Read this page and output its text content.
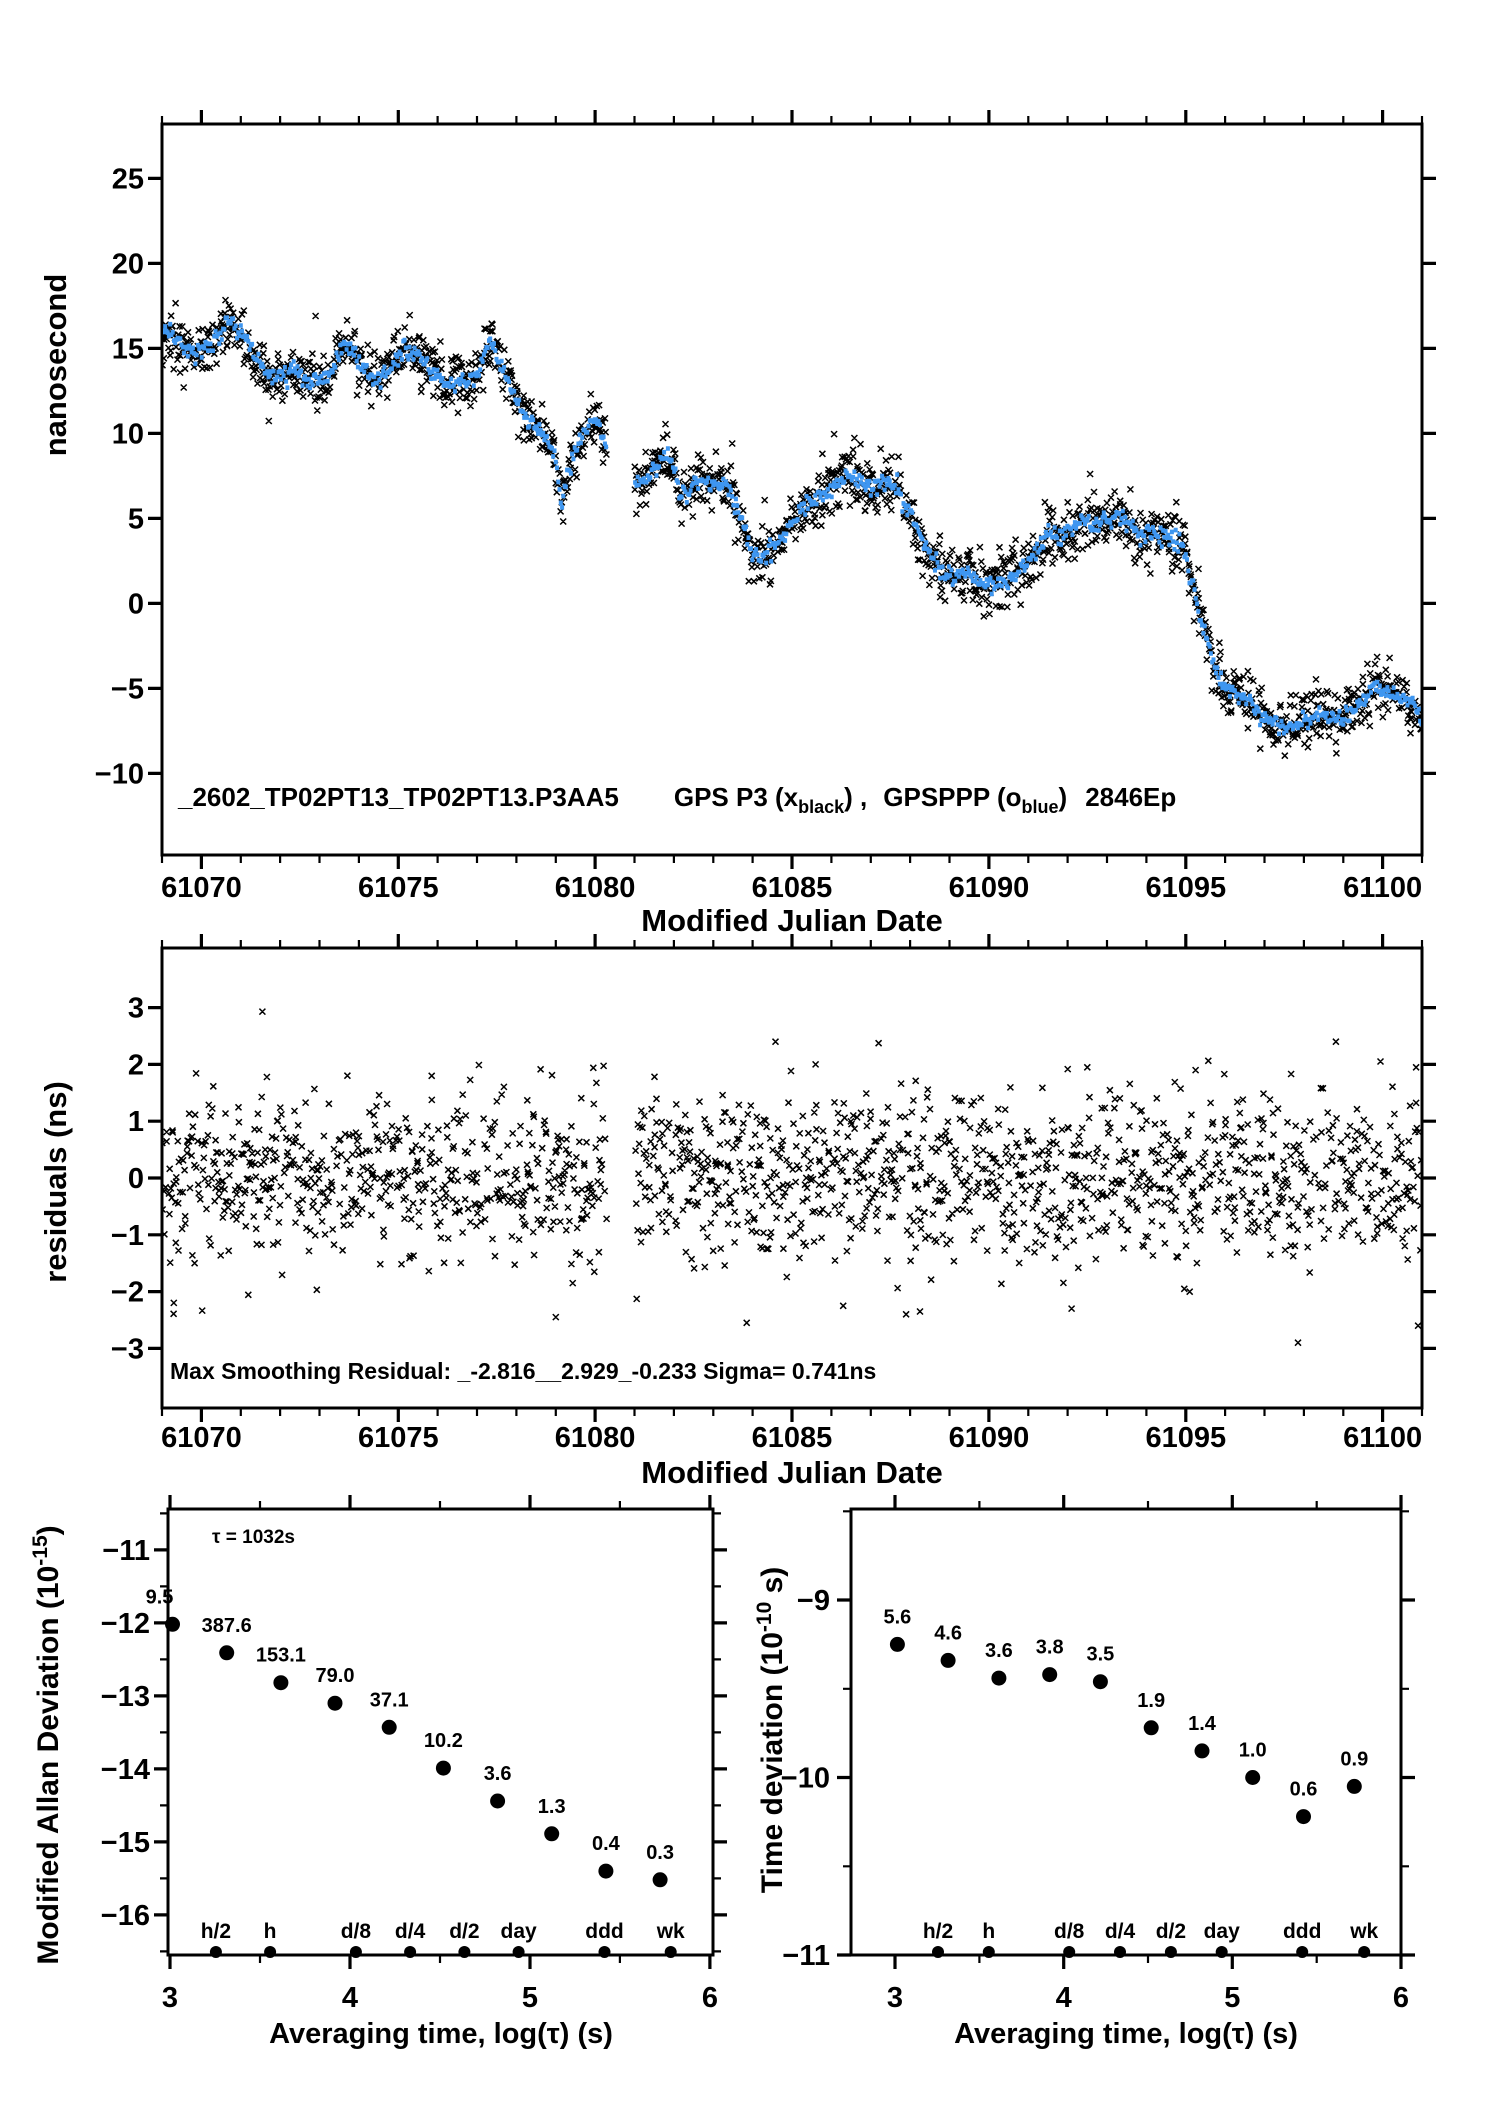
61070	61075	61080	61085	61090	61095	61100
25
20
15
10
5
0
−5
−10
61070	61075	61080	61085	61090	61095	61100
3
2
1
0
−1
−2
−3
3	4	5	6
−11
−12
−13
−14
−15
−16
3	4	5	6
−9
−10
−11
9.5
387.6
153.1
79.0
37.1
10.2
3.6
1.3
0.4 0.3
h/2 h	d/8 d/4 d/2 day ddd wk
5.6
4.6
3.6 3.8 3.5
1.9
1.4
1.0
0.6
0.9
h/2 h	d/8 d/4 d/2 day ddd wk
nanosecond
Modified Julian Date
_2602_TP02PT13_TP02PT13.P3AA5 GPS P3 $(x_{black})$ , GPSPPP $(o_{blue})$ 2846Ep
residuals (ns)
Modified Julian Date
Max Smoothing Residual: _-2.816__2.929_-0.233 Sigma= 0.741ns
Modified Allan Deviation $(10^{-15})$
Averaging time, log(τ) (s)
τ = 1032s
Time deviation ($10^{-10}$ s)
Averaging time, log(τ) (s)
